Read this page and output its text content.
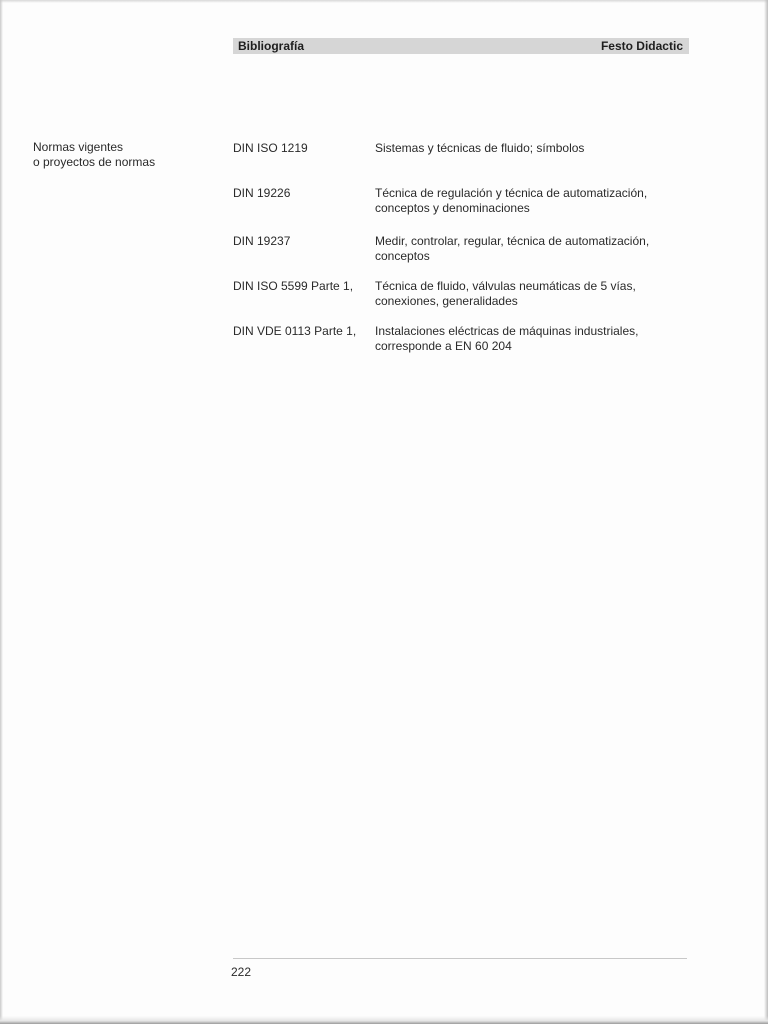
Bibliografía	Festo Didactic
Normas vigentes
o proyectos de normas
DIN ISO 1219	Sistemas y técnicas de fluido; símbolos
DIN 19226	Técnica de regulación y técnica de automatización,
conceptos y denominaciones
DIN 19237	Medir, controlar, regular, técnica de automatización,
conceptos
DIN ISO 5599 Parte 1,	Técnica de fluido, válvulas neumáticas de 5 vías,
conexiones, generalidades
DIN VDE 0113 Parte 1,	Instalaciones eléctricas de máquinas industriales,
corresponde a EN 60 204
222
